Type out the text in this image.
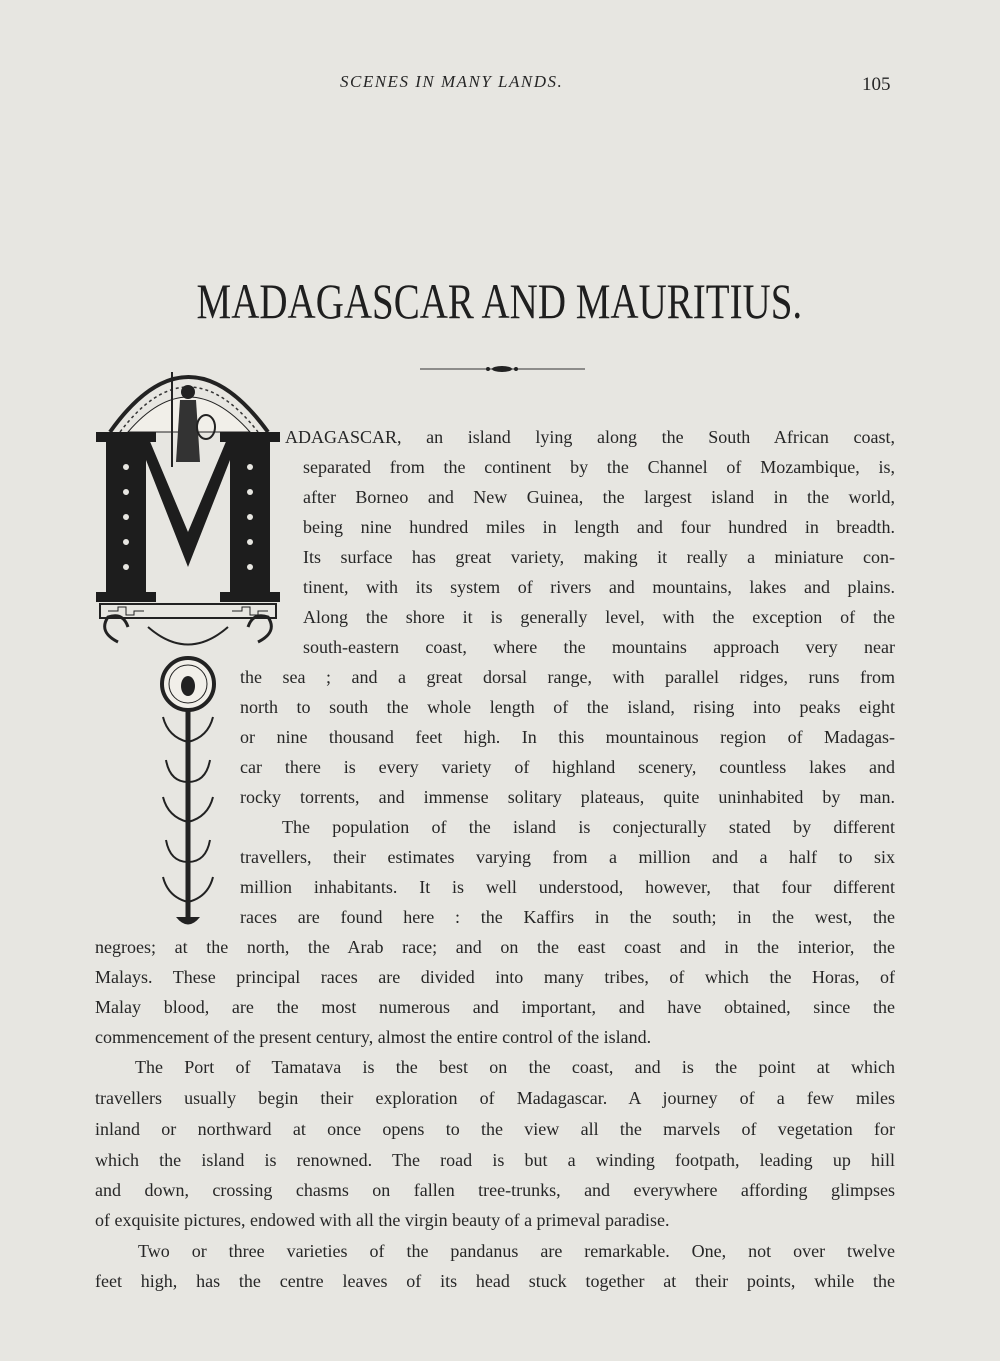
SCENES IN MANY LANDS.	105
MADAGASCAR AND MAURITIUS.
ADAGASCAR, an island lying along the South African coast,
separated from the continent by the Channel of Mozambique, is,
after Borneo and New Guinea, the largest island in the world,
being nine hundred miles in length and four hundred in breadth.
Its surface has great variety, making it really a miniature con-
tinent, with its system of rivers and mountains, lakes and plains.
Along the shore it is generally level, with the exception of the
south-eastern coast, where the mountains approach very near
the sea ; and a great dorsal range, with parallel ridges, runs from
north to south the whole length of the island, rising into peaks eight
or nine thousand feet high. In this mountainous region of Madagas-
car there is every variety of highland scenery, countless lakes and
rocky torrents, and immense solitary plateaus, quite uninhabited by man.
The population of the island is conjecturally stated by different
travellers, their estimates varying from a million and a half to six
million inhabitants. It is well understood, however, that four different
races are found here : the Kaffirs in the south; in the west, the
negroes; at the north, the Arab race; and on the east coast and in the interior, the
Malays. These principal races are divided into many tribes, of which the Horas, of
Malay blood, are the most numerous and important, and have obtained, since the
commencement of the present century, almost the entire control of the island.
The Port of Tamatava is the best on the coast, and is the point at which
travellers usually begin their exploration of Madagascar. A journey of a few miles
inland or northward at once opens to the view all the marvels of vegetation for
which the island is renowned. The road is but a winding footpath, leading up hill
and down, crossing chasms on fallen tree-trunks, and everywhere affording glimpses
of exquisite pictures, endowed with all the virgin beauty of a primeval paradise.
Two or three varieties of the pandanus are remarkable. One, not over twelve
feet high, has the centre leaves of its head stuck together at their points, while the
